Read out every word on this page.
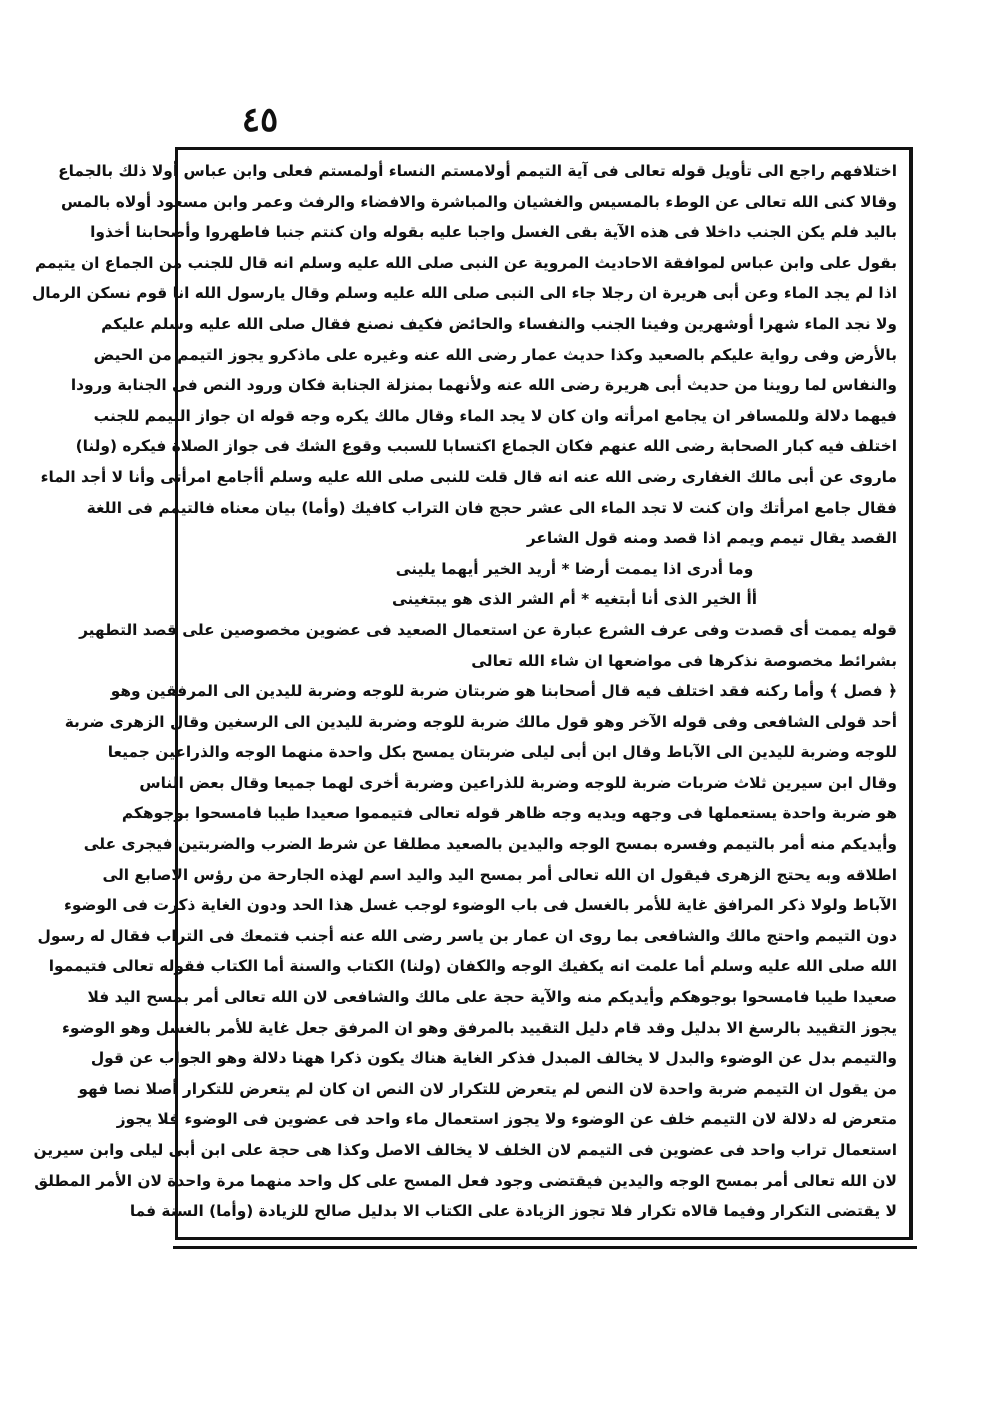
٤٥
اختلافهم راجع الى تأويل قوله تعالى فى آية التيمم أولامستم النساء أولمستم فعلى وابن عباس أولا ذلك بالجماع
وقالا كنى الله تعالى عن الوطء بالمسيس والغشيان والمباشرة والافضاء والرفث وعمر وابن مسعود أولاه بالمس
باليد فلم يكن الجنب داخلا فى هذه الآية بقى الغسل واجبا عليه بقوله وان كنتم جنبا فاطهروا وأصحابنا أخذوا
بقول على وابن عباس لموافقة الاحاديث المروية عن النبى صلى الله عليه وسلم انه قال للجنب من الجماع ان يتيمم
اذا لم يجد الماء وعن أبى هريرة ان رجلا جاء الى النبى صلى الله عليه وسلم وقال يارسول الله انا قوم نسكن الرمال
ولا نجد الماء شهرا أوشهرين وفينا الجنب والنفساء والحائض فكيف نصنع فقال صلى الله عليه وسلم عليكم
بالأرض وفى رواية عليكم بالصعيد وكذا حديث عمار رضى الله عنه وغيره على ماذكرو يجوز التيمم من الحيض
والنفاس لما روينا من حديث أبى هريرة رضى الله عنه ولأنهما بمنزلة الجنابة فكان ورود النص فى الجنابة ورودا
فيهما دلالة وللمسافر ان يجامع امرأته وان كان لا يجد الماء وقال مالك يكره وجه قوله ان جواز التيمم للجنب
اختلف فيه كبار الصحابة رضى الله عنهم فكان الجماع اكتسابا للسبب وقوع الشك فى جواز الصلاة فيكره (ولنا)
ماروى عن أبى مالك الغفارى رضى الله عنه انه قال قلت للنبى صلى الله عليه وسلم أأجامع امرأتى وأنا لا أجد الماء
فقال جامع امرأتك وان كنت لا تجد الماء الى عشر حجج فان التراب كافيك (وأما) بيان معناه فالتيمم فى اللغة
القصد يقال تيمم ويمم اذا قصد ومنه قول الشاعر
وما أدرى اذا يممت أرضا * أريد الخير أيهما يلينى
أأ الخير الذى أنا أبتغيه * أم الشر الذى هو يبتغينى
قوله يممت أى قصدت وفى عرف الشرع عبارة عن استعمال الصعيد فى عضوين مخصوصين على قصد التطهير
بشرائط مخصوصة نذكرها فى مواضعها ان شاء الله تعالى
﴿ فصل ﴾ وأما ركنه فقد اختلف فيه قال أصحابنا هو ضربتان ضربة للوجه وضربة لليدين الى المرفقين وهو
أحد قولى الشافعى وفى قوله الآخر وهو قول مالك ضربة للوجه وضربة لليدين الى الرسغين وقال الزهرى ضربة
للوجه وضربة لليدين الى الآباط وقال ابن أبى ليلى ضربتان يمسح بكل واحدة منهما الوجه والذراعين جميعا
وقال ابن سيرين ثلاث ضربات ضربة للوجه وضربة للذراعين وضربة أخرى لهما جميعا وقال بعض الناس
هو ضربة واحدة يستعملها فى وجهه ويديه وجه ظاهر قوله تعالى فتيمموا صعيدا طيبا فامسحوا بوجوهكم
وأيديكم منه أمر بالتيمم وفسره بمسح الوجه واليدين بالصعيد مطلقا عن شرط الضرب والضربتين فيجرى على
اطلاقه وبه يحتج الزهرى فيقول ان الله تعالى أمر بمسح اليد واليد اسم لهذه الجارحة من رؤس الاصابع الى
الآباط ولولا ذكر المرافق غاية للأمر بالغسل فى باب الوضوء لوجب غسل هذا الحد ودون الغاية ذكرت فى الوضوء
دون التيمم واحتج مالك والشافعى بما روى ان عمار بن ياسر رضى الله عنه أجنب فتمعك فى التراب فقال له رسول
الله صلى الله عليه وسلم أما علمت انه يكفيك الوجه والكفان (ولنا) الكتاب والسنة أما الكتاب فقوله تعالى فتيمموا
صعيدا طيبا فامسحوا بوجوهكم وأيديكم منه والآية حجة على مالك والشافعى لان الله تعالى أمر بمسح اليد فلا
يجوز التقييد بالرسغ الا بدليل وقد قام دليل التقييد بالمرفق وهو ان المرفق جعل غاية للأمر بالغسل وهو الوضوء
والتيمم بدل عن الوضوء والبدل لا يخالف المبدل فذكر الغاية هناك يكون ذكرا ههنا دلالة وهو الجواب عن قول
من يقول ان التيمم ضربة واحدة لان النص لم يتعرض للتكرار لان النص ان كان لم يتعرض للتكرار أصلا نصا فهو
متعرض له دلالة لان التيمم خلف عن الوضوء ولا يجوز استعمال ماء واحد فى عضوين فى الوضوء فلا يجوز
استعمال تراب واحد فى عضوين فى التيمم لان الخلف لا يخالف الاصل وكذا هى حجة على ابن أبى ليلى وابن سيرين
لان الله تعالى أمر بمسح الوجه واليدين فيقتضى وجود فعل المسح على كل واحد منهما مرة واحدة لان الأمر المطلق
لا يقتضى التكرار وفيما قالاه تكرار فلا تجوز الزيادة على الكتاب الا بدليل صالح للزيادة (وأما) السنة فما
